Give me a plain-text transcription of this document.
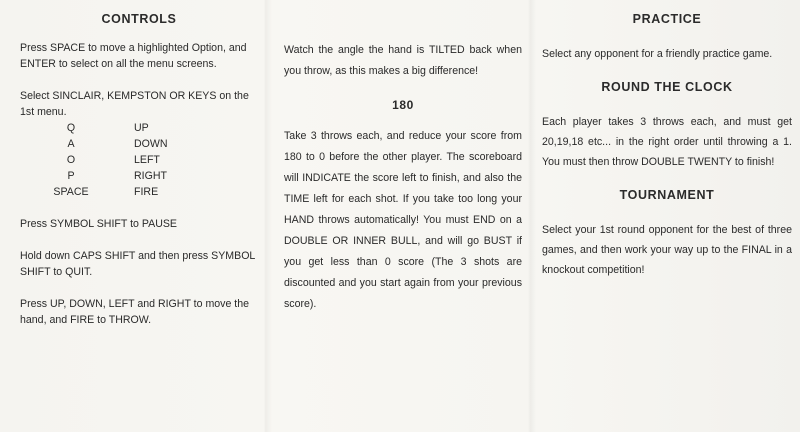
CONTROLS

Press SPACE to move a highlighted Option, and ENTER to select on all the menu screens.

Select SINCLAIR, KEMPSTON OR KEYS on the 1st menu.

Q	UP
A	DOWN
O	LEFT
P	RIGHT
SPACE	FIRE

Press SYMBOL SHIFT to PAUSE

Hold down CAPS SHIFT and then press SYMBOL SHIFT to QUIT.

Press UP, DOWN, LEFT and RIGHT to move the hand, and FIRE to THROW.

Watch the angle the hand is TILTED back when you throw, as this makes a big difference!

180

Take 3 throws each, and reduce your score from 180 to 0 before the other player. The scoreboard will INDICATE the score left to finish, and also the TIME left for each shot. If you take too long your HAND throws automatically! You must END on a DOUBLE OR INNER BULL, and will go BUST if you get less than 0 score (The 3 shots are discounted and you start again from your previous score).

PRACTICE

Select any opponent for a friendly practice game.

ROUND THE CLOCK

Each player takes 3 throws each, and must get 20,19,18 etc... in the right order until throwing a 1. You must then throw DOUBLE TWENTY to finish!

TOURNAMENT

Select your 1st round opponent for the best of three games, and then work your way up to the FINAL in a knockout competition!
